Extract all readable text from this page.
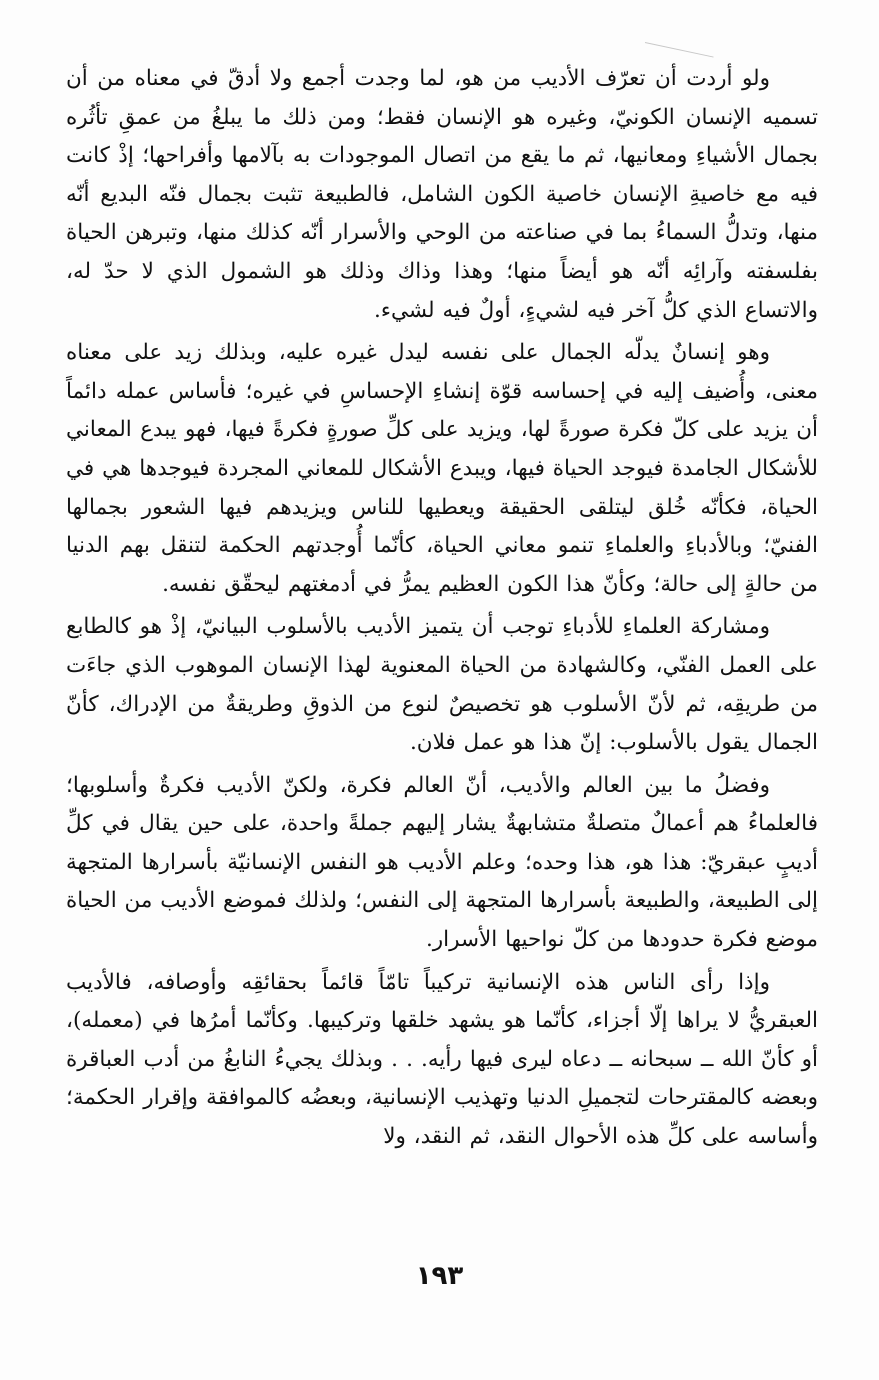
ولو أردت أن تعرّف الأديب من هو، لما وجدت أجمع ولا أدقّ في معناه من أن تسميه الإنسان الكونيّ، وغيره هو الإنسان فقط؛ ومن ذلك ما يبلغُ من عمقِ تأثُره بجمال الأشياءِ ومعانيها، ثم ما يقع من اتصال الموجودات به بآلامها وأفراحها؛ إذْ كانت فيه مع خاصيةِ الإنسان خاصية الكون الشامل، فالطبيعة تثبت بجمال فنّه البديع أنّه منها، وتدلُّ السماءُ بما في صناعته من الوحي والأسرار أنّه كذلك منها، وتبرهن الحياة بفلسفته وآرائِه أنّه هو أيضاً منها؛ وهذا وذاك وذلك هو الشمول الذي لا حدّ له، والاتساع الذي كلُّ آخر فيه لشيءٍ، أولٌ فيه لشيء.

وهو إنسانٌ يدلّه الجمال على نفسه ليدل غيره عليه، وبذلك زيد على معناه معنى، وأُضيف إليه في إحساسه قوّة إنشاءِ الإحساسِ في غيره؛ فأساس عمله دائماً أن يزيد على كلّ فكرة صورةً لها، ويزيد على كلِّ صورةٍ فكرةً فيها، فهو يبدع المعاني للأشكال الجامدة فيوجد الحياة فيها، ويبدع الأشكال للمعاني المجردة فيوجدها هي في الحياة، فكأنّه خُلق ليتلقى الحقيقة ويعطيها للناس ويزيدهم فيها الشعور بجمالها الفنيّ؛ وبالأدباءِ والعلماءِ تنمو معاني الحياة، كأنّما أُوجدتهم الحكمة لتنقل بهم الدنيا من حالةٍ إلى حالة؛ وكأنّ هذا الكون العظيم يمرُّ في أدمغتهم ليحقّق نفسه.

ومشاركة العلماءِ للأدباءِ توجب أن يتميز الأديب بالأسلوب البيانيّ، إذْ هو كالطابع على العمل الفنّي، وكالشهادة من الحياة المعنوية لهذا الإنسان الموهوب الذي جاءَت من طريقِه، ثم لأنّ الأسلوب هو تخصيصٌ لنوع من الذوقِ وطريقةٌ من الإدراك، كأنّ الجمال يقول بالأسلوب: إنّ هذا هو عمل فلان.

وفضلُ ما بين العالم والأديب، أنّ العالم فكرة، ولكنّ الأديب فكرةٌ وأسلوبها؛ فالعلماءُ هم أعمالٌ متصلةٌ متشابهةٌ يشار إليهم جملةً واحدة، على حين يقال في كلِّ أديبٍ عبقريّ: هذا هو، هذا وحده؛ وعلم الأديب هو النفس الإنسانيّة بأسرارها المتجهة إلى الطبيعة، والطبيعة بأسرارها المتجهة إلى النفس؛ ولذلك فموضع الأديب من الحياة موضع فكرة حدودها من كلّ نواحيها الأسرار.

وإذا رأى الناس هذه الإنسانية تركيباً تامّاً قائماً بحقائقِه وأوصافه، فالأديب العبقريُّ لا يراها إلّا أجزاء، كأنّما هو يشهد خلقها وتركيبها. وكأنّما أمرُها في (معمله)، أو كأنّ الله ــ سبحانه ــ دعاه ليرى فيها رأيه. . . وبذلك يجيءُ النابغُ من أدب العباقرة وبعضه كالمقترحات لتجميلِ الدنيا وتهذيب الإنسانية، وبعضُه كالموافقة وإقرار الحكمة؛ وأساسه على كلِّ هذه الأحوال النقد، ثم النقد، ولا

١٩٣
